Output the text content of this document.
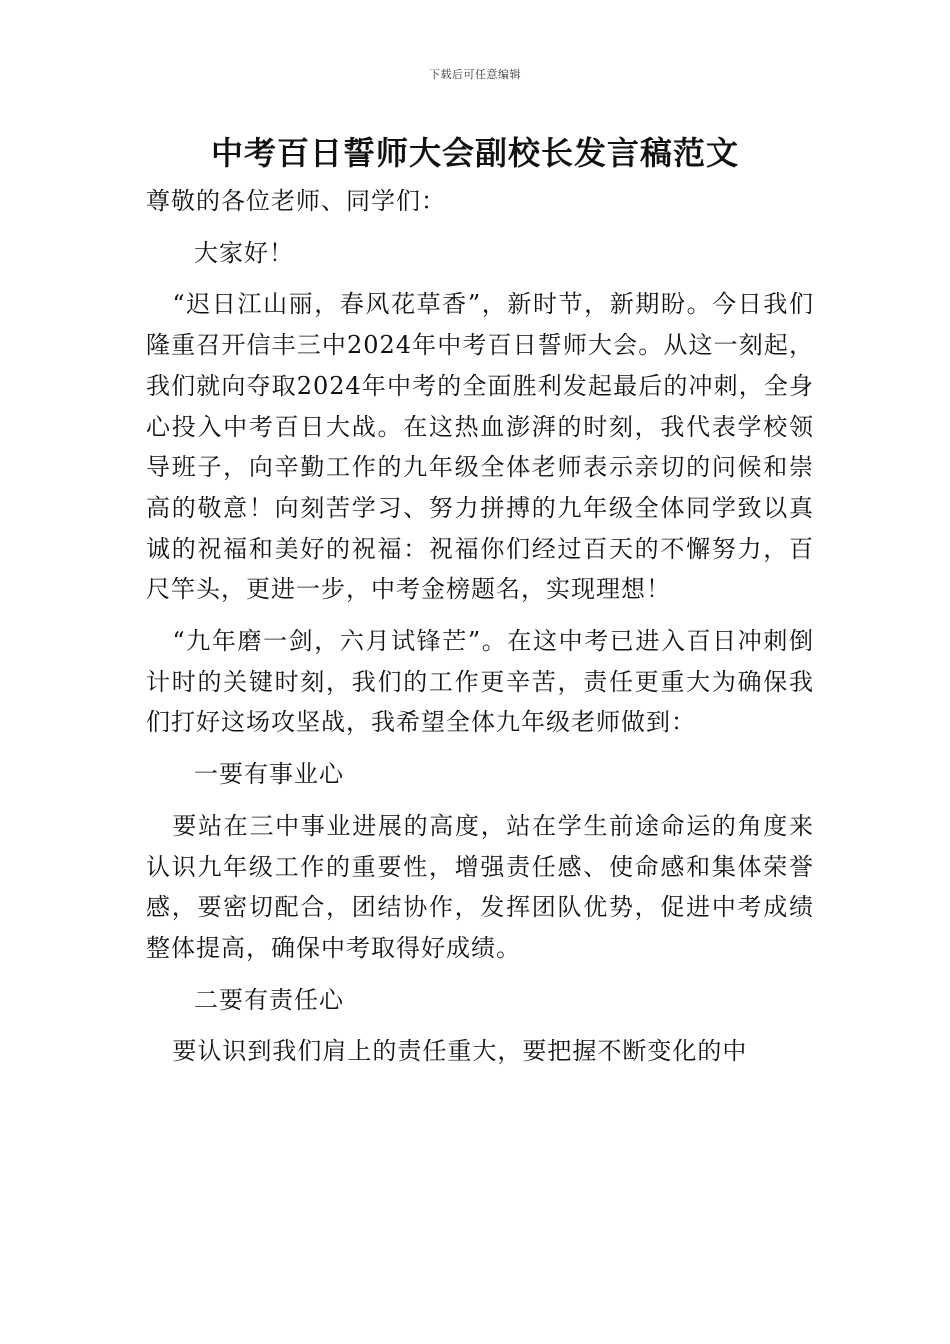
下载后可任意编辑
中考百日誓师大会副校长发言稿范文

尊敬的各位老师、同学们：

大家好！

“迟日江山丽，春风花草香”，新时节，新期盼。今日我们隆重召开信丰三中2024年中考百日誓师大会。从这一刻起，我们就向夺取2024年中考的全面胜利发起最后的冲刺，全身心投入中考百日大战。在这热血澎湃的时刻，我代表学校领导班子，向辛勤工作的九年级全体老师表示亲切的问候和崇高的敬意！向刻苦学习、努力拼搏的九年级全体同学致以真诚的祝福和美好的祝福：祝福你们经过百天的不懈努力，百尺竿头，更进一步，中考金榜题名，实现理想！

“九年磨一剑，六月试锋芒”。在这中考已进入百日冲刺倒计时的关键时刻，我们的工作更辛苦，责任更重大为确保我们打好这场攻坚战，我希望全体九年级老师做到：

一要有事业心

要站在三中事业进展的高度，站在学生前途命运的角度来认识九年级工作的重要性，增强责任感、使命感和集体荣誉感，要密切配合，团结协作，发挥团队优势，促进中考成绩整体提高，确保中考取得好成绩。

二要有责任心

要认识到我们肩上的责任重大，要把握不断变化的中
